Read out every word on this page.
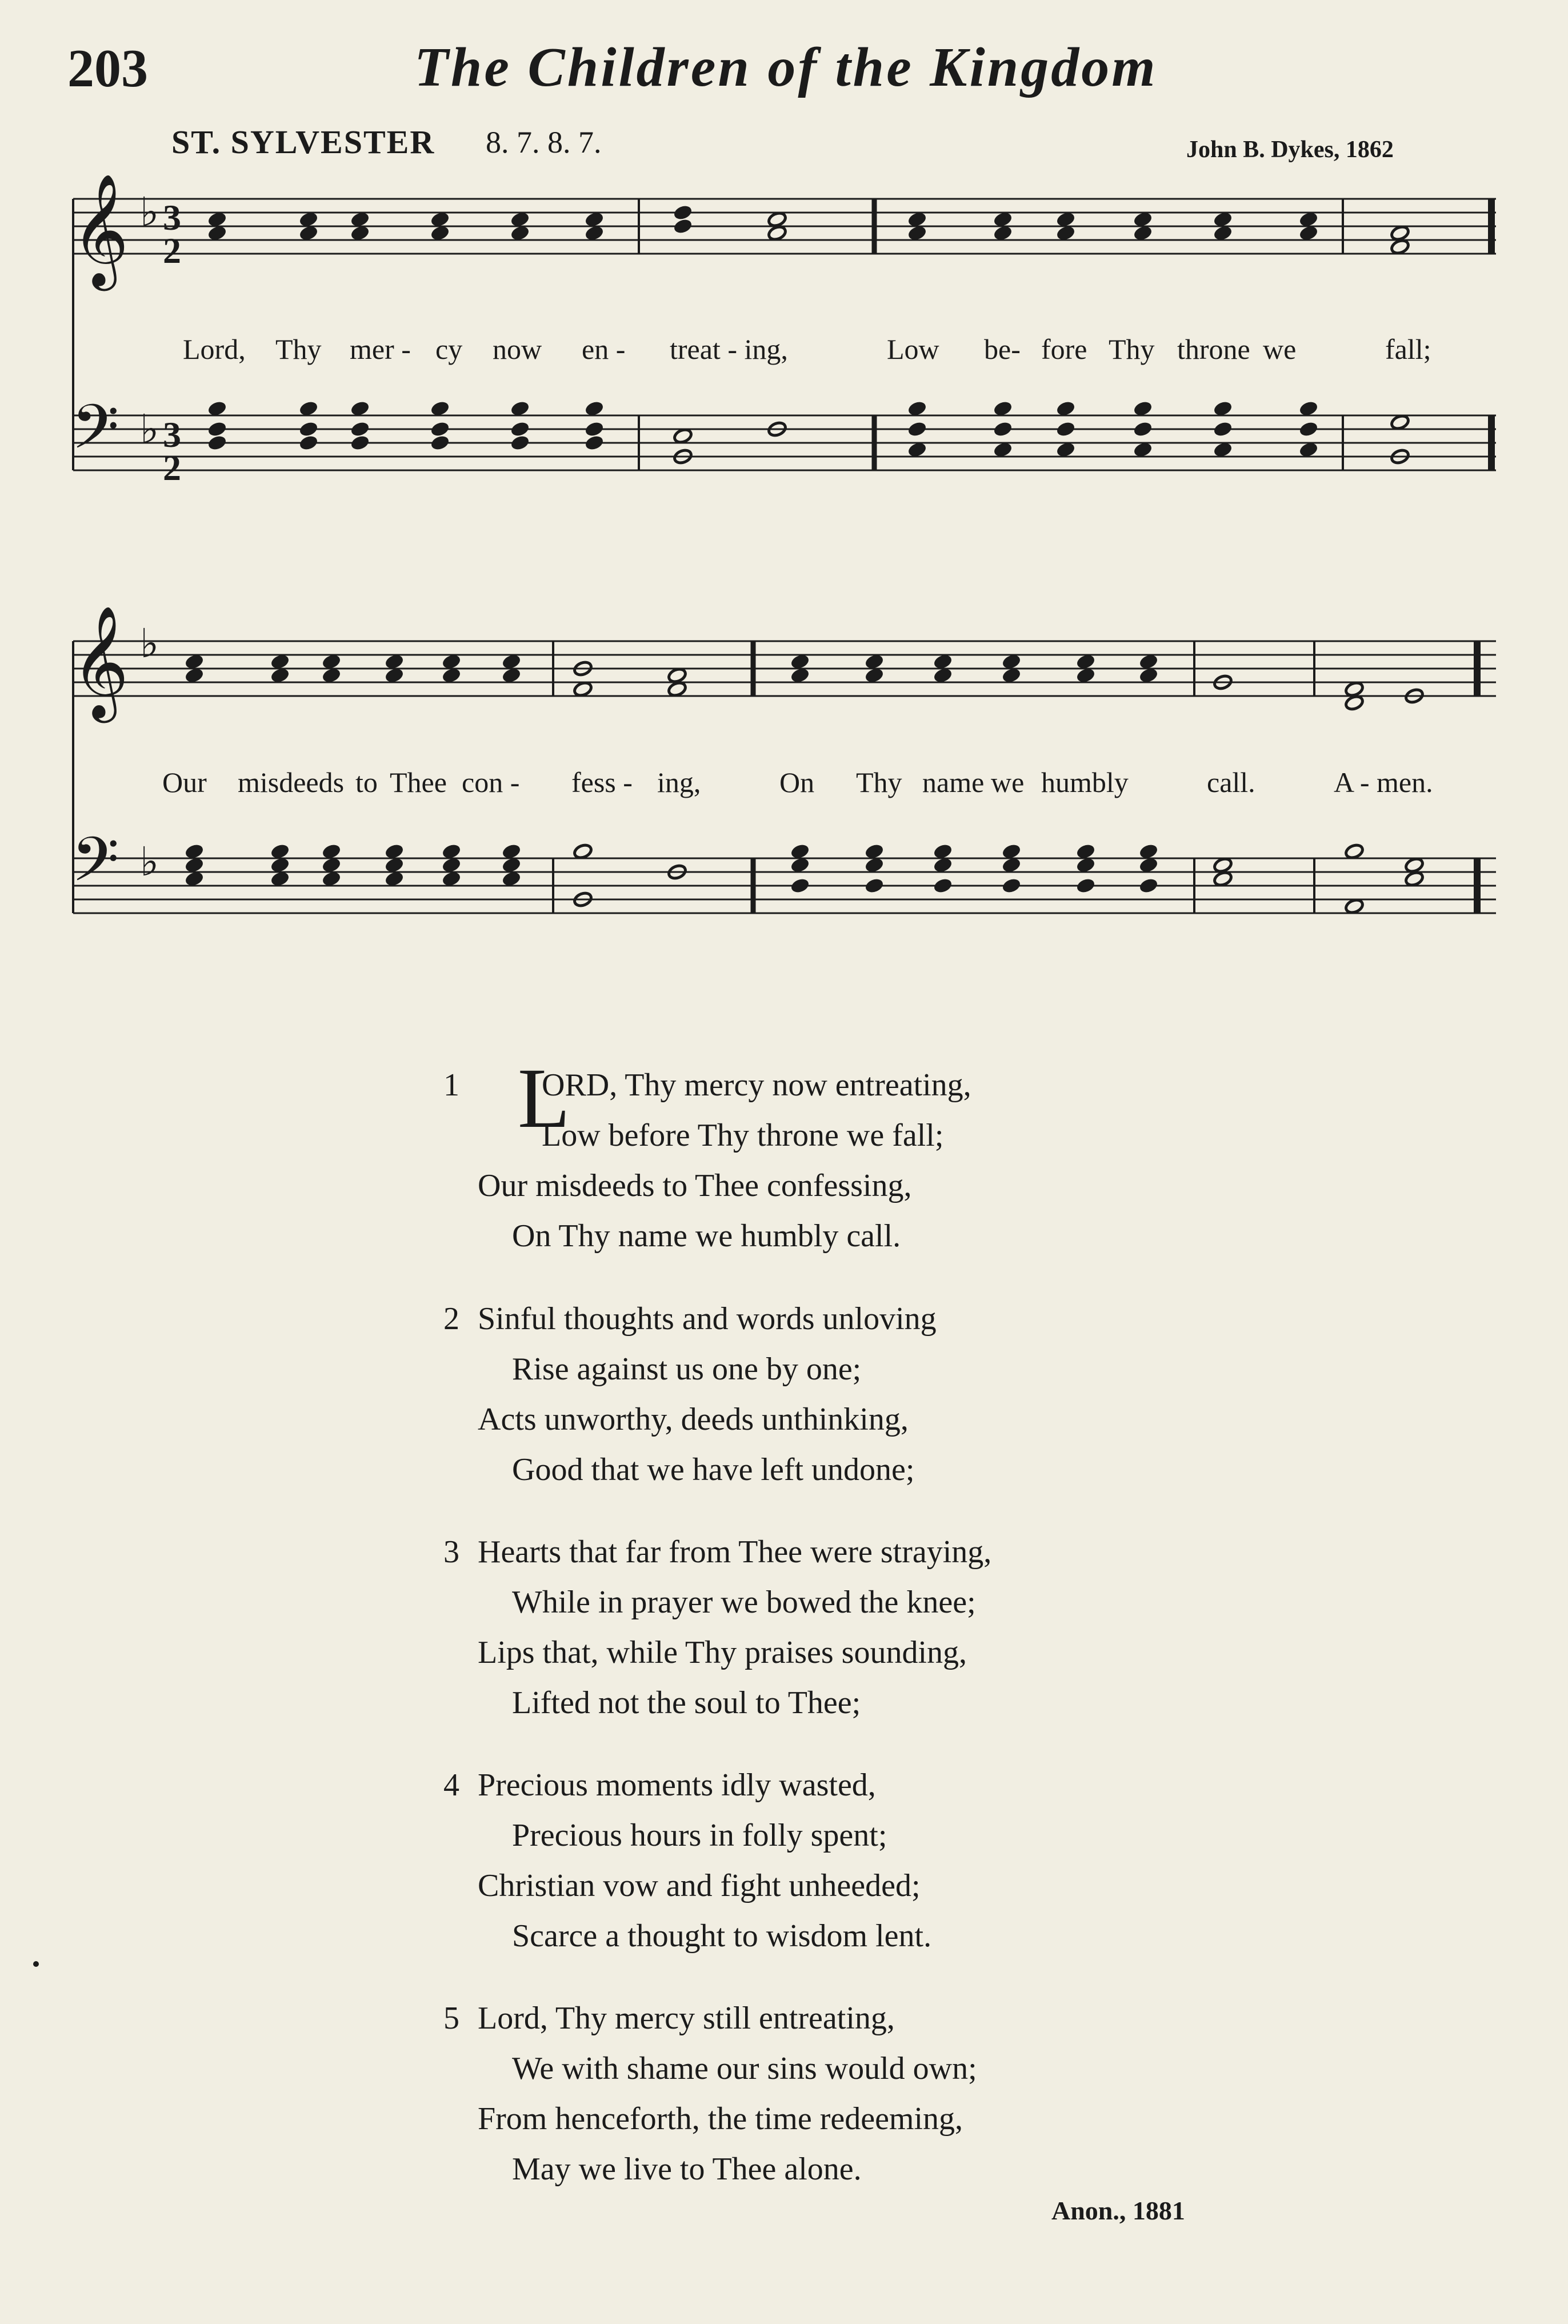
203	The Children of the Kingdom
ST. SYLVESTER 8. 7. 8. 7.	John B. Dykes, 1862
𝄞
𝄢
𝄞
𝄢
♭
♭
♭
♭
3
2
3
2
Lord, Thy mer - cy now en - treat - ing,	Low be- fore Thy throne we	fall;
Our misdeeds to Thee con - fess - ing,	On Thy name we humbly	call.	A - men.
1 L
ORD, Thy mercy now entreating,
Low before Thy throne we fall;
Our misdeeds to Thee confessing,
On Thy name we humbly call.
2 Sinful thoughts and words unloving
Rise against us one by one;
Acts unworthy, deeds unthinking,
Good that we have left undone;
3 Hearts that far from Thee were straying,
While in prayer we bowed the knee;
Lips that, while Thy praises sounding,
Lifted not the soul to Thee;
4 Precious moments idly wasted,
Precious hours in folly spent;
Christian vow and fight unheeded;
Scarce a thought to wisdom lent.
5 Lord, Thy mercy still entreating,
We with shame our sins would own;
From henceforth, the time redeeming,
May we live to Thee alone.
Anon., 1881
